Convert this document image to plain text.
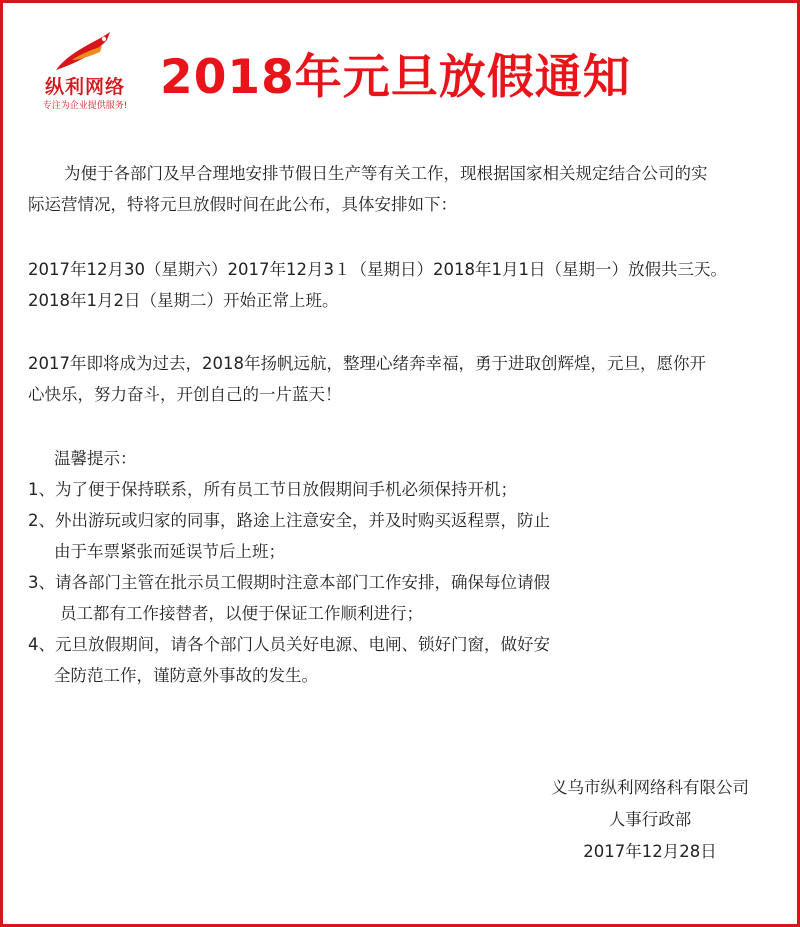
纵利网络
专注为企业提供服务!
2018年元旦放假通知
为便于各部门及早合理地安排节假日生产等有关工作，现根据国家相关规定结合公司的实
际运营情况，特将元旦放假时间在此公布，具体安排如下：
2017年12月30（星期六）2017年12月3１（星期日）2018年1月1日（星期一）放假共三天。
2018年1月2日（星期二）开始正常上班。
2017年即将成为过去，2018年扬帆远航，整理心绪奔幸福，勇于进取创辉煌，元旦，愿你开
心快乐，努力奋斗，开创自己的一片蓝天！
温馨提示：
1、为了便于保持联系，所有员工节日放假期间手机必须保持开机；
2、外出游玩或归家的同事，路途上注意安全，并及时购买返程票，防止
由于车票紧张而延误节后上班；
3、请各部门主管在批示员工假期时注意本部门工作安排，确保每位请假
员工都有工作接替者，以便于保证工作顺利进行；
4、元旦放假期间，请各个部门人员关好电源、电闸、锁好门窗，做好安
全防范工作，谨防意外事故的发生。
义乌市纵利网络科有限公司
人事行政部
2017年12月28日
